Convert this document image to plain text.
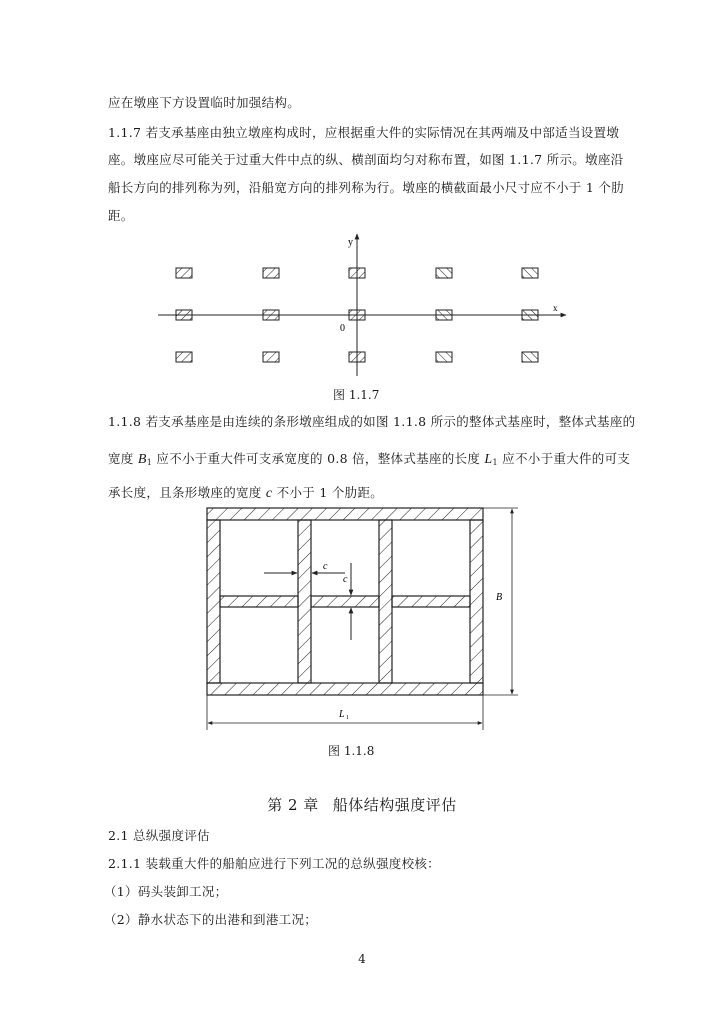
应在墩座下方设置临时加强结构。
1.1.7 若支承基座由独立墩座构成时，应根据重大件的实际情况在其两端及中部适当设置墩
座。墩座应尽可能关于过重大件中点的纵、横剖面均匀对称布置，如图 1.1.7 所示。墩座沿
船长方向的排列称为列，沿船宽方向的排列称为行。墩座的横截面最小尺寸应不小于 1 个肋
距。
y
x
0
c
c
B
L 1
图 1.1.7
1.1.8 若支承基座是由连续的条形墩座组成的如图 1.1.8 所示的整体式基座时，整体式基座的
宽度 $B_1$ 应不小于重大件可支承宽度的 0.8 倍，整体式基座的长度 $L_1$ 应不小于重大件的可支
承长度，且条形墩座的宽度 c 不小于 1 个肋距。
图 1.1.8
第 2 章 船体结构强度评估
2.1 总纵强度评估
2.1.1 装载重大件的船舶应进行下列工况的总纵强度校核：
（1）码头装卸工况；
（2）静水状态下的出港和到港工况；
4
